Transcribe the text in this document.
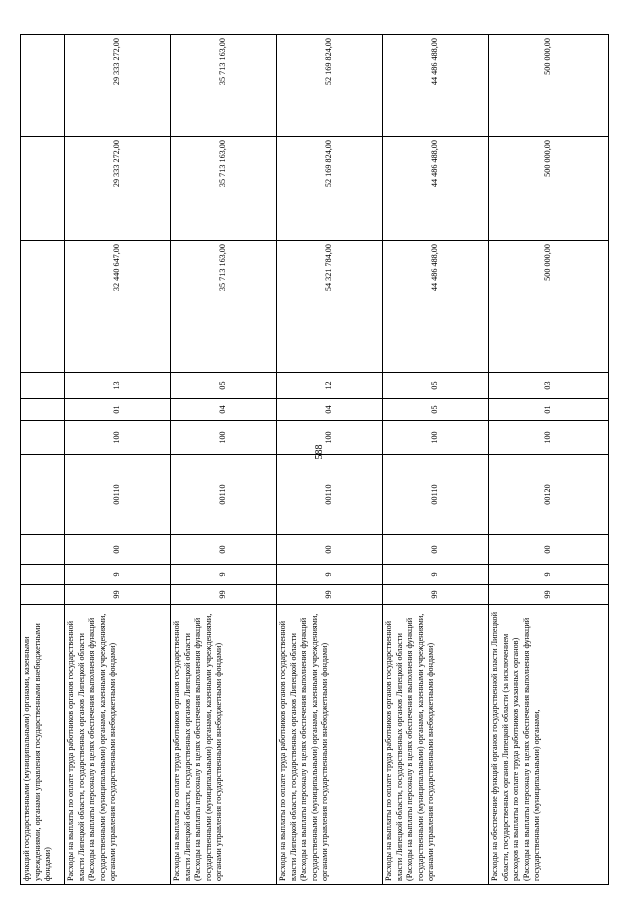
588
функций государственными (муниципальными) органами, казенными учреждениями, органами управления государственными внебюджетными фондами)										
Расходы на выплаты по оплате труда работников органов государственной власти Липецкой области, государственных органов Липецкой области (Расходы на выплаты персоналу в целях обеспечения выполнения функций государственными (муниципальными) органами, казенными учреждениями, органами управления государственными внебюджетными фондами)	99	9	00	00110	100	01	13	32 440 647,00	29 333 272,00	29 333 272,00
Расходы на выплаты по оплате труда работников органов государственной власти Липецкой области, государственных органов Липецкой области (Расходы на выплаты персоналу в целях обеспечения выполнения функций государственными (муниципальными) органами, казенными учреждениями, органами управления государственными внебюджетными фондами)	99	9	00	00110	100	04	05	35 713 163,00	35 713 163,00	35 713 163,00
Расходы на выплаты по оплате труда работников органов государственной власти Липецкой области, государственных органов Липецкой области (Расходы на выплаты персоналу в целях обеспечения выполнения функций государственными (муниципальными) органами, казенными учреждениями, органами управления государственными внебюджетными фондами)	99	9	00	00110	100	04	12	54 321 784,00	52 169 824,00	52 169 824,00
Расходы на выплаты по оплате труда работников органов государственной власти Липецкой области, государственных органов Липецкой области (Расходы на выплаты персоналу в целях обеспечения выполнения функций государственными (муниципальными) органами, казенными учреждениями, органами управления государственными внебюджетными фондами)	99	9	00	00110	100	05	05	44 486 488,00	44 486 488,00	44 486 488,00
Расходы на обеспечение функций органов государственной власти Липецкой области, государственных органов Липецкой области (за исключением расходов на выплаты по оплате труда работников указанных органов) (Расходы на выплаты персоналу в целях обеспечения выполнения функций государственными (муниципальными) органами,	99	9	00	00120	100	01	03	500 000,00	500 000,00	500 000,00
